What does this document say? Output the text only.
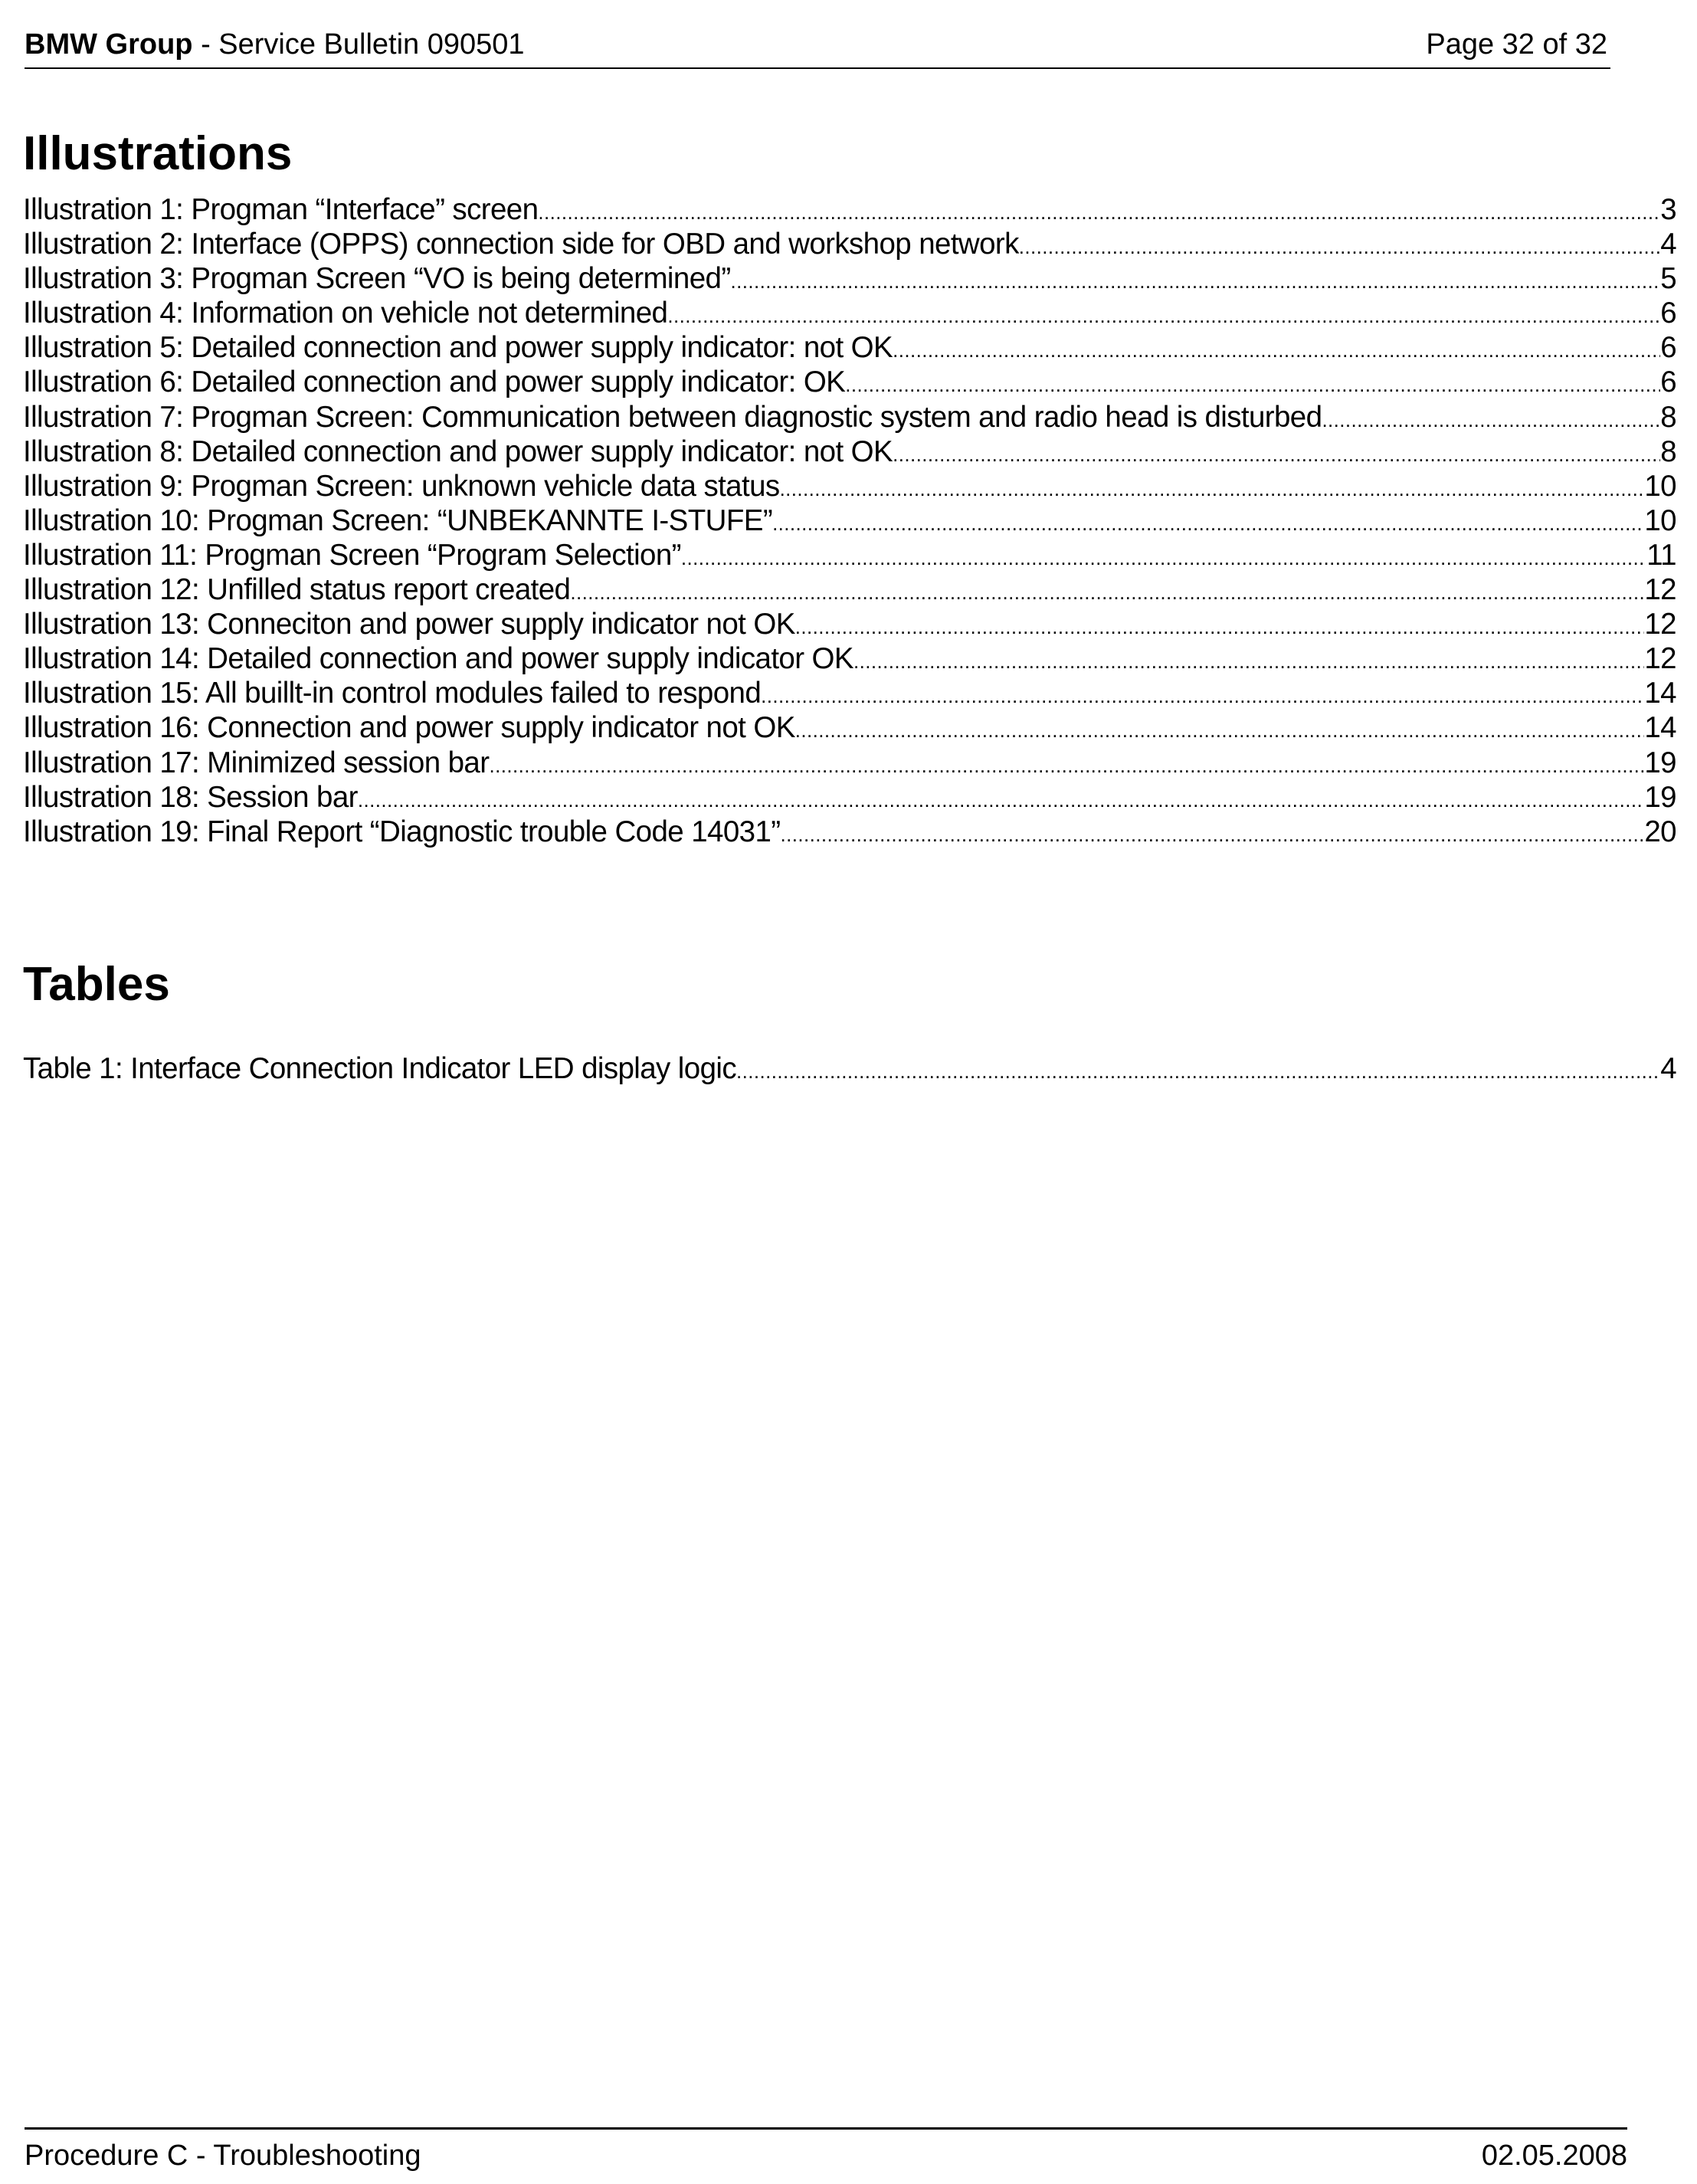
BMW Group - Service Bulletin 090501	Page 32 of 32
Illustrations
Illustration 1: Progman “Interface” screen .....	3
Illustration 2: Interface (OPPS) connection side for OBD and workshop network .....	4
Illustration 3: Progman Screen “VO is being determined” .....	5
Illustration 4: Information on vehicle not determined .....	6
Illustration 5: Detailed connection and power supply indicator: not OK .....	6
Illustration 6: Detailed connection and power supply indicator: OK .....	6
Illustration 7: Progman Screen: Communication between diagnostic system and radio head is disturbed .....	8
Illustration 8: Detailed connection and power supply indicator: not OK .....	8
Illustration 9: Progman Screen: unknown vehicle data status .....	10
Illustration 10: Progman Screen: “UNBEKANNTE I-STUFE” .....	10
Illustration 11: Progman Screen “Program Selection” .....	11
Illustration 12: Unfilled status report created .....	12
Illustration 13: Conneciton and power supply indicator not OK .....	12
Illustration 14: Detailed connection and power supply indicator OK .....	12
Illustration 15: All buillt-in control modules failed to respond .....	14
Illustration 16: Connection and power supply indicator not OK .....	14
Illustration 17: Minimized session bar .....	19
Illustration 18: Session bar .....	19
Illustration 19: Final Report “Diagnostic trouble Code 14031” .....	20
Tables
Table 1: Interface Connection Indicator LED display logic .....	4
Procedure C - Troubleshooting	02.05.2008
